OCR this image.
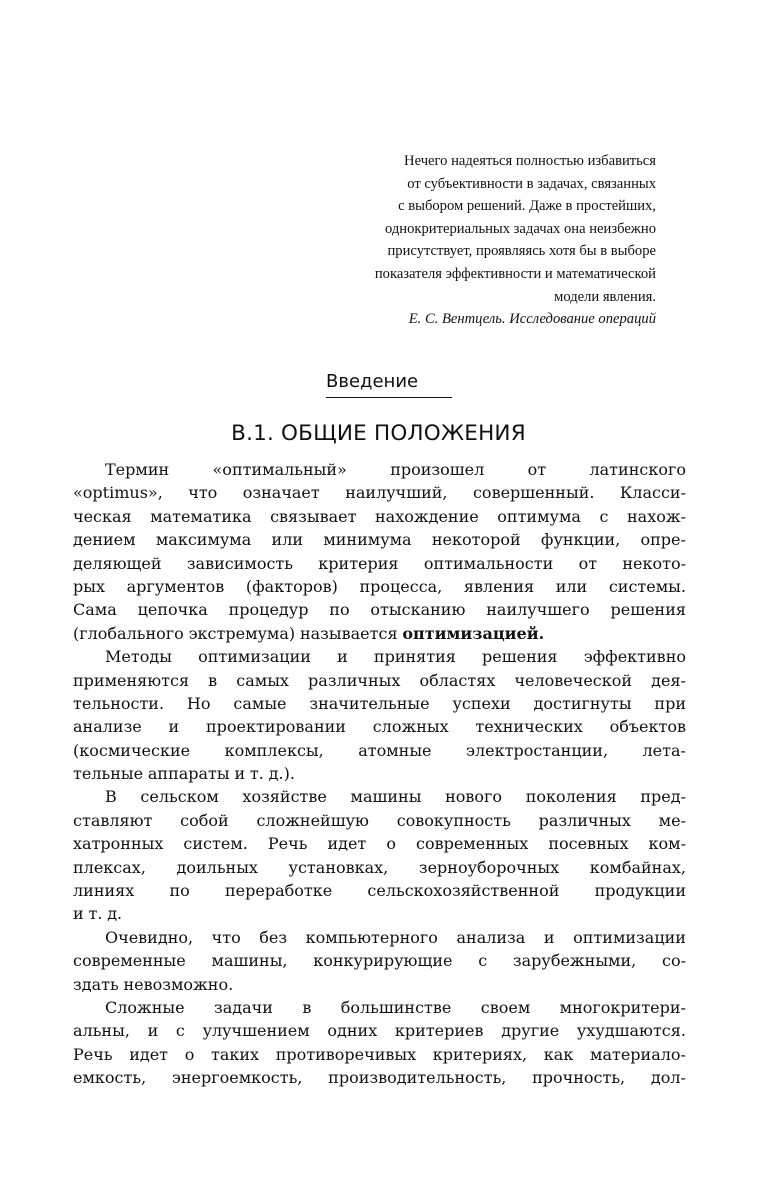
Нечего надеяться полностью избавиться
от субъективности в задачах, связанных
с выбором решений. Даже в простейших,
однокритериальных задачах она неизбежно
присутствует, проявляясь хотя бы в выборе
показателя эффективности и математической
модели явления.
Е. С. Вентцель. Исследование операций
Введение
В.1. ОБЩИЕ ПОЛОЖЕНИЯ
Термин	«оптимальный»	произошел	от	латинского
«optimus», что означает наилучший, совершенный. Класси-
ческая математика связывает нахождение оптимума с нахож-
дением максимума или минимума некоторой функции, опре-
деляющей зависимость критерия оптимальности от некото-
рых аргументов (факторов) процесса, явления или системы.
Сама цепочка процедур по отысканию наилучшего решения
(глобального экстремума) называется оптимизацией.
Методы оптимизации и принятия решения эффективно
применяются в самых различных областях человеческой дея-
тельности. Но самые значительные успехи достигнуты при
анализе и проектировании сложных технических объектов
(космические комплексы, атомные электростанции, лета-
тельные аппараты и т. д.).
В сельском хозяйстве машины нового поколения пред-
ставляют собой сложнейшую совокупность различных ме-
хатронных систем. Речь идет о современных посевных ком-
плексах, доильных установках, зерноуборочных комбайнах,
линиях по переработке сельскохозяйственной продукции
и т. д.
Очевидно, что без компьютерного анализа и оптимизации
современные машины, конкурирующие с зарубежными, со-
здать невозможно.
Сложные задачи в большинстве своем многокритери-
альны, и с улучшением одних критериев другие ухудшаются.
Речь идет о таких противоречивых критериях, как материало-
емкость, энергоемкость, производительность, прочность, дол-
